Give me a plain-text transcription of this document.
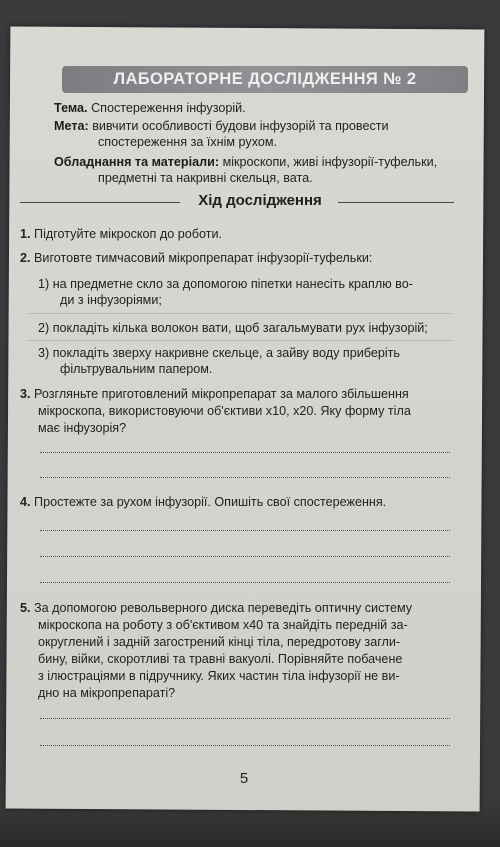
ЛАБОРАТОРНЕ ДОСЛІДЖЕННЯ № 2
Тема. Спостереження інфузорій.
Мета: вивчити особливості будови інфузорій та провести
спостереження за їхнім рухом.
Обладнання та матеріали: мікроскопи, живі інфузорії-туфельки,
предметні та накривні скельця, вата.
Хід дослідження
1. Підготуйте мікроскоп до роботи.
2. Виготовте тимчасовий мікропрепарат інфузорії-туфельки:
1) на предметне скло за допомогою піпетки нанесіть краплю во-
ди з інфузоріями;
2) покладіть кілька волокон вати, щоб загальмувати рух інфузорій;
3) покладіть зверху накривне скельце, а зайву воду приберіть
фільтрувальним папером.
3. Розгляньте приготовлений мікропрепарат за малого збільшення
мікроскопа, використовуючи об'єктиви x10, x20. Яку форму тіла
має інфузорія?
4. Простежте за рухом інфузорії. Опишіть свої спостереження.
5. За допомогою револьверного диска переведіть оптичну систему
мікроскопа на роботу з об'єктивом x40 та знайдіть передній за-
округлений і задній загострений кінці тіла, передротову загли-
бину, війки, скоротливі та травні вакуолі. Порівняйте побачене
з ілюстраціями в підручнику. Яких частин тіла інфузорії не ви-
дно на мікропрепараті?
5
